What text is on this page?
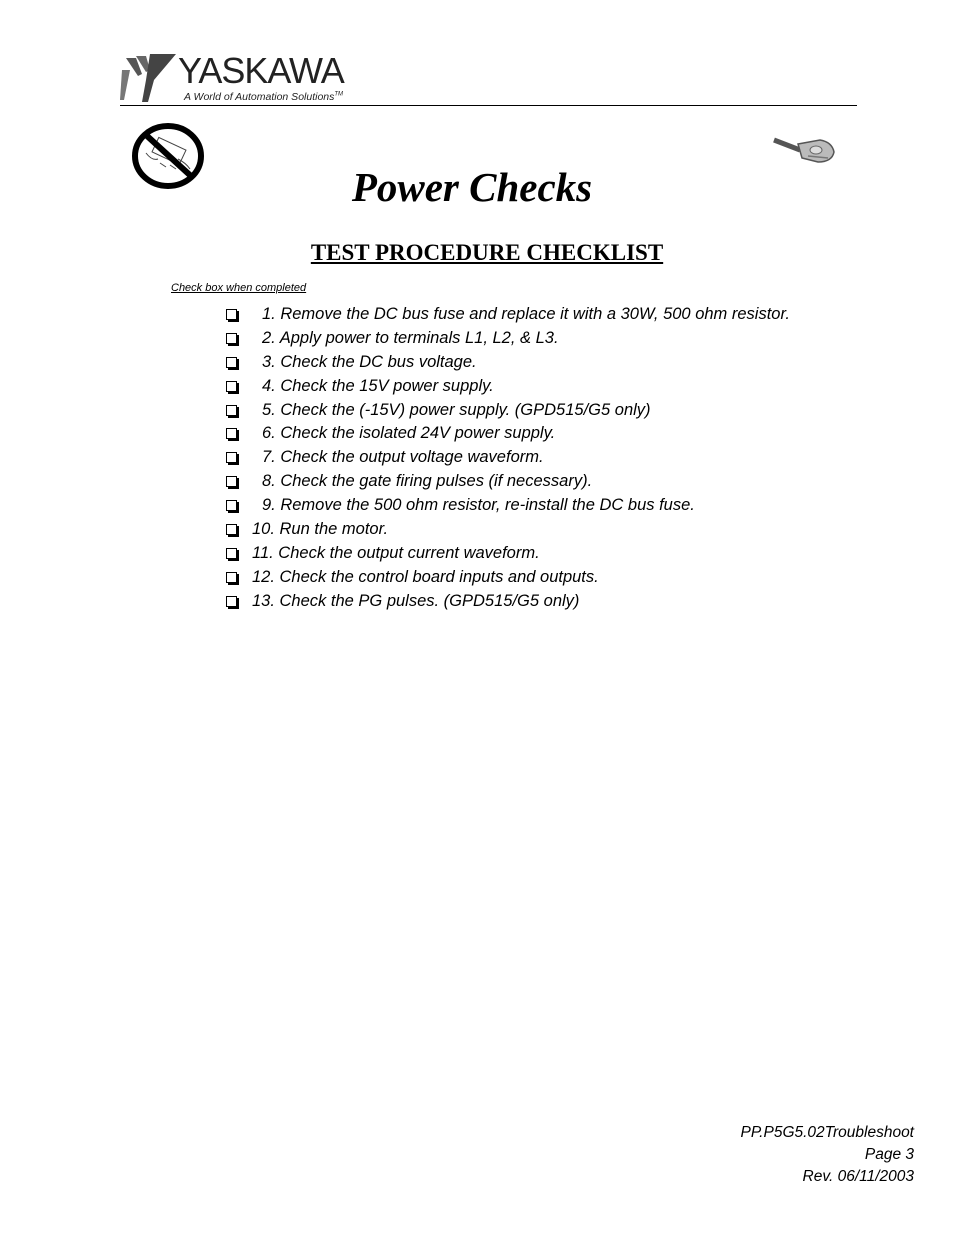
YASKAWA
A World of Automation Solutions™
Power Checks
TEST PROCEDURE CHECKLIST
Check box when completed
1. Remove the DC bus fuse and replace it with a 30W, 500 ohm resistor.
2. Apply power to terminals L1, L2, & L3.
3. Check the DC bus voltage.
4. Check the 15V power supply.
5. Check the (-15V) power supply. (GPD515/G5 only)
6. Check the isolated 24V power supply.
7. Check the output voltage waveform.
8. Check the gate firing pulses (if necessary).
9. Remove the 500 ohm resistor, re-install the DC bus fuse.
10. Run the motor.
11. Check the output current waveform.
12. Check the control board inputs and outputs.
13. Check the PG pulses. (GPD515/G5 only)
PP.P5G5.02Troubleshoot
Page 3
Rev. 06/11/2003
